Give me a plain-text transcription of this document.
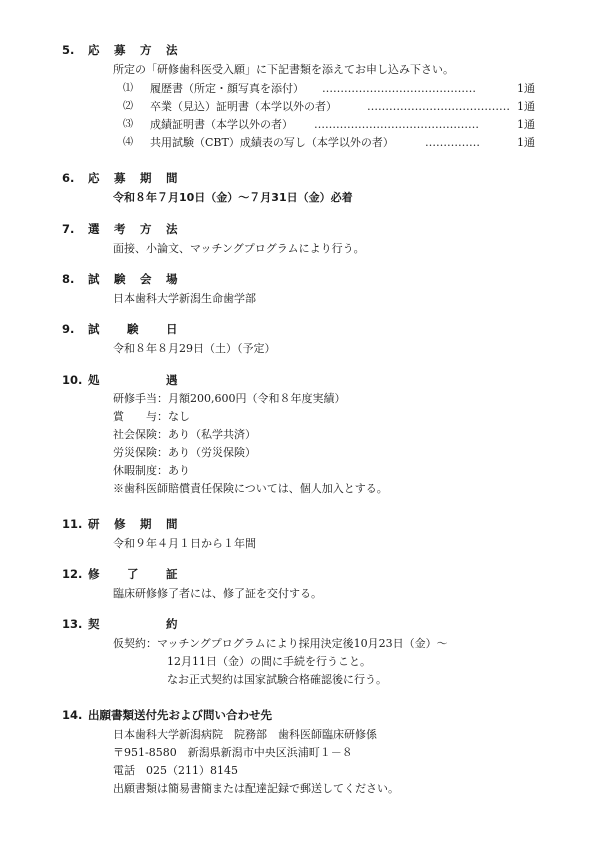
5. 応 募 方 法
所定の「研修歯科医受入願」に下記書類を添えてお申し込み下さい。
⑴ 履歴書（所定・顔写真を添付） ……………………………………	1通
⑵ 卒業（見込）証明書（本学以外の者）	………………………………… 1通
⑶ 成績証明書（本学以外の者） ………………………………………	1通
⑷ 共用試験（CBT）成績表の写し（本学以外の者）	……………	1通
6. 応 募 期 間
令和８年７月10日（金）～７月31日（金）必着
7. 選 考 方 法
面接、小論文、マッチングプログラムにより行う。
8. 試 験 会 場
日本歯科大学新潟生命歯学部
9. 試 験 日
令和８年８月29日（土）（予定）
10. 処	遇
研修手当：月額200,600円（令和８年度実績）
賞　　与：なし
社会保険：あり（私学共済）
労災保険：あり（労災保険）
休暇制度：あり
※歯科医師賠償責任保険については、個人加入とする。
11. 研 修 期 間
令和９年４月１日から１年間
12. 修 了 証
臨床研修修了者には、修了証を交付する。
13. 契	約
仮契約：マッチングプログラムにより採用決定後10月23日（金）～
12月11日（金）の間に手続を行うこと。
なお正式契約は国家試験合格確認後に行う。
14. 出願書類送付先および問い合わせ先
日本歯科大学新潟病院　院務部　歯科医師臨床研修係
〒951-8580　新潟県新潟市中央区浜浦町１－８
電話　025（211）8145
出願書類は簡易書簡または配達記録で郵送してください。
